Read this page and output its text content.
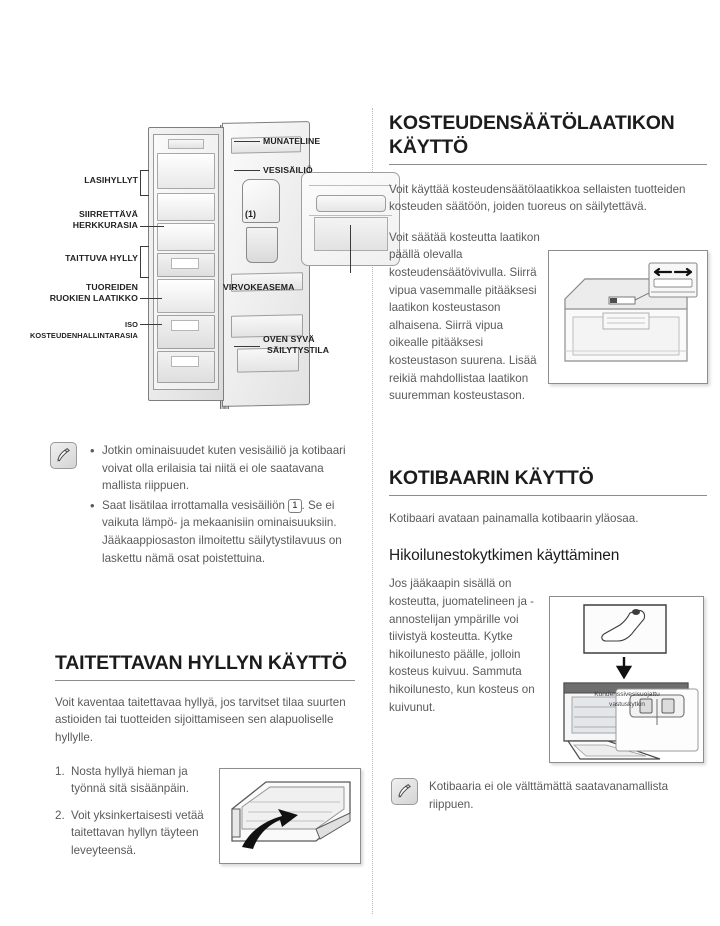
(1)
LASIHYLLYT
SIIRRETTÄVÄ
HERKKURASIA
TAITTUVA HYLLY
TUOREIDEN
RUOKIEN LAATIKKO
ISO
KOSTEUDENHALLINTARASIA
MUNATELINE
VESISÄILIÖ
VIRVOKEASEMA
OVEN SYVÄ
SÄILYTYSTILA
• Jotkin ominaisuudet kuten vesisäiliö ja kotibaari voivat olla erilaisia tai niitä ei ole saatavana mallista riippuen.
• Saat lisätilaa irrottamalla vesisäiliön 1 . Se ei vaikuta lämpö- ja mekaanisiin ominaisuuksiin. Jääkaappiosaston ilmoitettu säilytystilavuus on laskettu nämä osat poistettuina.
TAITETTAVAN HYLLYN KÄYTTÖ

Voit kaventaa taitettavaa hyllyä, jos tarvitset tilaa suurten astioiden tai tuotteiden sijoittamiseen sen alapuoliselle hyllylle.

Nosta hyllyä hieman ja työnnä sitä sisäänpäin.
Voit yksinkertaisesti vetää taitettavan hyllyn täyteen leveyteensä.
KOSTEUDENSÄÄTÖLAATIKON
KÄYTTÖ

Voit käyttää kosteudensäätölaatikkoa sellaisten tuotteiden kosteuden säätöön, joiden tuoreus on säilytettävä.

Voit säätää kosteutta laatikon päällä olevalla kosteudensäätövivulla. Siirrä vipua vasemmalle pitääksesi laatikon kosteustason alhaisena. Siirrä vipua oikealle pitääksesi kosteustason suurena. Lisää reikiä mahdollistaa laatikon suuremman kosteustason.

KOTIBAARIN KÄYTTÖ

Kotibaari avataan painamalla kotibaarin yläosaa.

Hikoilunestokytkimen käyttäminen

Jos jääkaapin sisällä on kosteutta, juomatelineen ja -annostelijan ympärille voi tiivistyä kosteutta. Kytke hikoilunesto päälle, jolloin kosteus kuivuu. Sammuta hikoilunesto, kun kosteus on kuivunut.

Kondenssivesisuojattu vastuskytkin
Kotibaaria ei ole välttämättä saatavanamallista riippuen.
